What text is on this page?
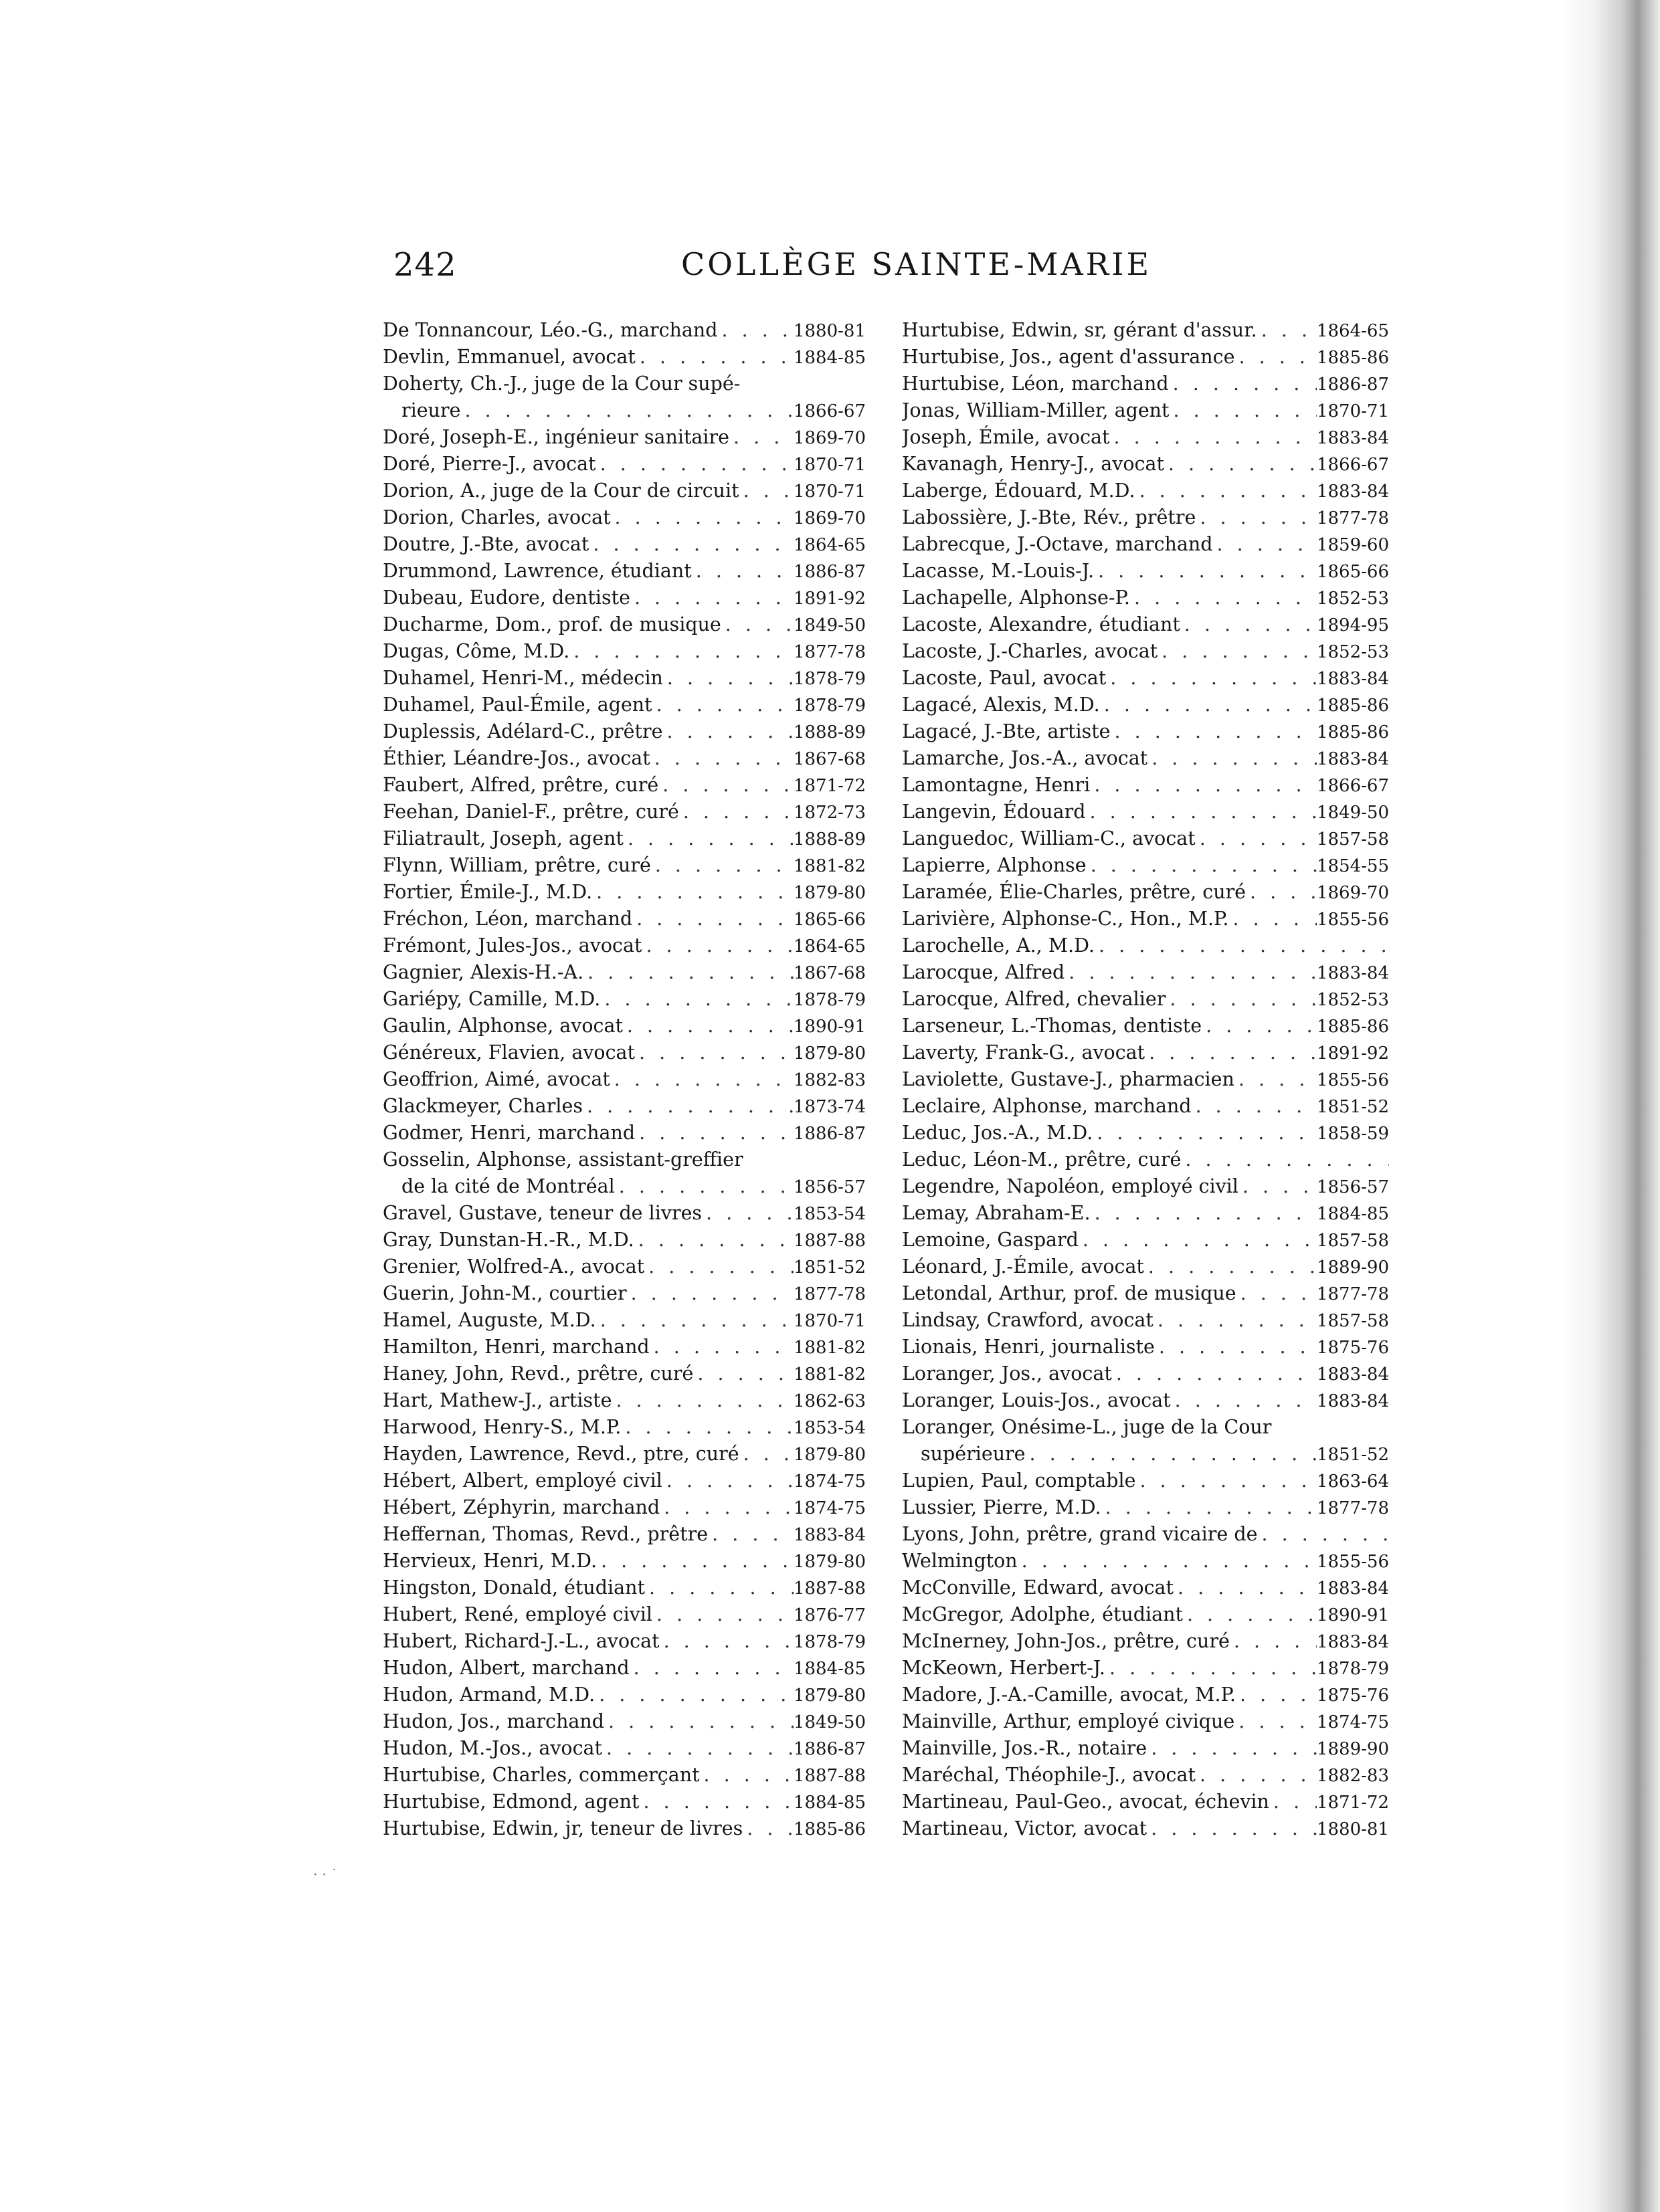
242	COLLÈGE SAINTE-MARIE
De Tonnancour, Léo.-G., marchand . . .	1880-81
Devlin, Emmanuel, avocat . . .	1884-85
Doherty, Ch.-J., juge de la Cour supé-
rieure . . .	1866-67
Doré, Joseph-E., ingénieur sanitaire . . .	1869-70
Doré, Pierre-J., avocat . . .	1870-71
Dorion, A., juge de la Cour de circuit . . .	1870-71
Dorion, Charles, avocat . . .	1869-70
Doutre, J.-Bte, avocat . . .	1864-65
Drummond, Lawrence, étudiant . . .	1886-87
Dubeau, Eudore, dentiste . . .	1891-92
Ducharme, Dom., prof. de musique . . .	1849-50
Dugas, Côme, M.D. . . .	1877-78
Duhamel, Henri-M., médecin . . .	1878-79
Duhamel, Paul-Émile, agent . . .	1878-79
Duplessis, Adélard-C., prêtre . . .	1888-89
Éthier, Léandre-Jos., avocat . . .	1867-68
Faubert, Alfred, prêtre, curé . . .	1871-72
Feehan, Daniel-F., prêtre, curé . . .	1872-73
Filiatrault, Joseph, agent . . .	1888-89
Flynn, William, prêtre, curé . . .	1881-82
Fortier, Émile-J., M.D. . . .	1879-80
Fréchon, Léon, marchand . . .	1865-66
Frémont, Jules-Jos., avocat . . .	1864-65
Gagnier, Alexis-H.-A. . . .	1867-68
Gariépy, Camille, M.D. . . .	1878-79
Gaulin, Alphonse, avocat . . .	1890-91
Généreux, Flavien, avocat . . .	1879-80
Geoffrion, Aimé, avocat . . .	1882-83
Glackmeyer, Charles . . .	1873-74
Godmer, Henri, marchand . . .	1886-87
Gosselin, Alphonse, assistant-greffier
de la cité de Montréal . . .	1856-57
Gravel, Gustave, teneur de livres . . .	1853-54
Gray, Dunstan-H.-R., M.D. . . .	1887-88
Grenier, Wolfred-A., avocat . . .	1851-52
Guerin, John-M., courtier . . .	1877-78
Hamel, Auguste, M.D. . . .	1870-71
Hamilton, Henri, marchand . . .	1881-82
Haney, John, Revd., prêtre, curé . . .	1881-82
Hart, Mathew-J., artiste . . .	1862-63
Harwood, Henry-S., M.P. . . .	1853-54
Hayden, Lawrence, Revd., ptre, curé . . .	1879-80
Hébert, Albert, employé civil . . .	1874-75
Hébert, Zéphyrin, marchand . . .	1874-75
Heffernan, Thomas, Revd., prêtre . . .	1883-84
Hervieux, Henri, M.D. . . .	1879-80
Hingston, Donald, étudiant . . .	1887-88
Hubert, René, employé civil . . .	1876-77
Hubert, Richard-J.-L., avocat . . .	1878-79
Hudon, Albert, marchand . . .	1884-85
Hudon, Armand, M.D. . . .	1879-80
Hudon, Jos., marchand . . .	1849-50
Hudon, M.-Jos., avocat . . .	1886-87
Hurtubise, Charles, commerçant . . .	1887-88
Hurtubise, Edmond, agent . . .	1884-85
Hurtubise, Edwin, jr, teneur de livres . . .	1885-86
Hurtubise, Edwin, sr, gérant d'assur. . . .	1864-65
Hurtubise, Jos., agent d'assurance . . .	1885-86
Hurtubise, Léon, marchand . . .	1886-87
Jonas, William-Miller, agent . . .	1870-71
Joseph, Émile, avocat . . .	1883-84
Kavanagh, Henry-J., avocat . . .	1866-67
Laberge, Édouard, M.D. . . .	1883-84
Labossière, J.-Bte, Rév., prêtre . . .	1877-78
Labrecque, J.-Octave, marchand . . .	1859-60
Lacasse, M.-Louis-J. . . .	1865-66
Lachapelle, Alphonse-P. . . .	1852-53
Lacoste, Alexandre, étudiant . . .	1894-95
Lacoste, J.-Charles, avocat . . .	1852-53
Lacoste, Paul, avocat . . .	1883-84
Lagacé, Alexis, M.D. . . .	1885-86
Lagacé, J.-Bte, artiste . . .	1885-86
Lamarche, Jos.-A., avocat . . .	1883-84
Lamontagne, Henri . . .	1866-67
Langevin, Édouard . . .	1849-50
Languedoc, William-C., avocat . . .	1857-58
Lapierre, Alphonse . . .	1854-55
Laramée, Élie-Charles, prêtre, curé . . .	1869-70
Larivière, Alphonse-C., Hon., M.P. . . .	1855-56
Larochelle, A., M.D.
. . .
Larocque, Alfred . . .	1883-84
Larocque, Alfred, chevalier . . .	1852-53
Larseneur, L.-Thomas, dentiste . . .	1885-86
Laverty, Frank-G., avocat . . .	1891-92
Laviolette, Gustave-J., pharmacien . . .	1855-56
Leclaire, Alphonse, marchand . . .	1851-52
Leduc, Jos.-A., M.D. . . .	1858-59
Leduc, Léon-M., prêtre, curé
. . .
Legendre, Napoléon, employé civil . . .	1856-57
Lemay, Abraham-E. . . .	1884-85
Lemoine, Gaspard . . .	1857-58
Léonard, J.-Émile, avocat . . .	1889-90
Letondal, Arthur, prof. de musique . . .	1877-78
Lindsay, Crawford, avocat . . .	1857-58
Lionais, Henri, journaliste . . .	1875-76
Loranger, Jos., avocat . . .	1883-84
Loranger, Louis-Jos., avocat . . .	1883-84
Loranger, Onésime-L., juge de la Cour
supérieure . . .	1851-52
Lupien, Paul, comptable . . .	1863-64
Lussier, Pierre, M.D. . . .	1877-78
Lyons, John, prêtre, grand vicaire de
. . .
Welmington . . .	1855-56
McConville, Edward, avocat . . .	1883-84
McGregor, Adolphe, étudiant . . .	1890-91
McInerney, John-Jos., prêtre, curé . . .	1883-84
McKeown, Herbert-J. . . .	1878-79
Madore, J.-A.-Camille, avocat, M.P. . . .	1875-76
Mainville, Arthur, employé civique . . .	1874-75
Mainville, Jos.-R., notaire . . .	1889-90
Maréchal, Théophile-J., avocat . . .	1882-83
Martineau, Paul-Geo., avocat, échevin . . .	1871-72
Martineau, Victor, avocat . . .	1880-81
⋅ ⋅ ˙
